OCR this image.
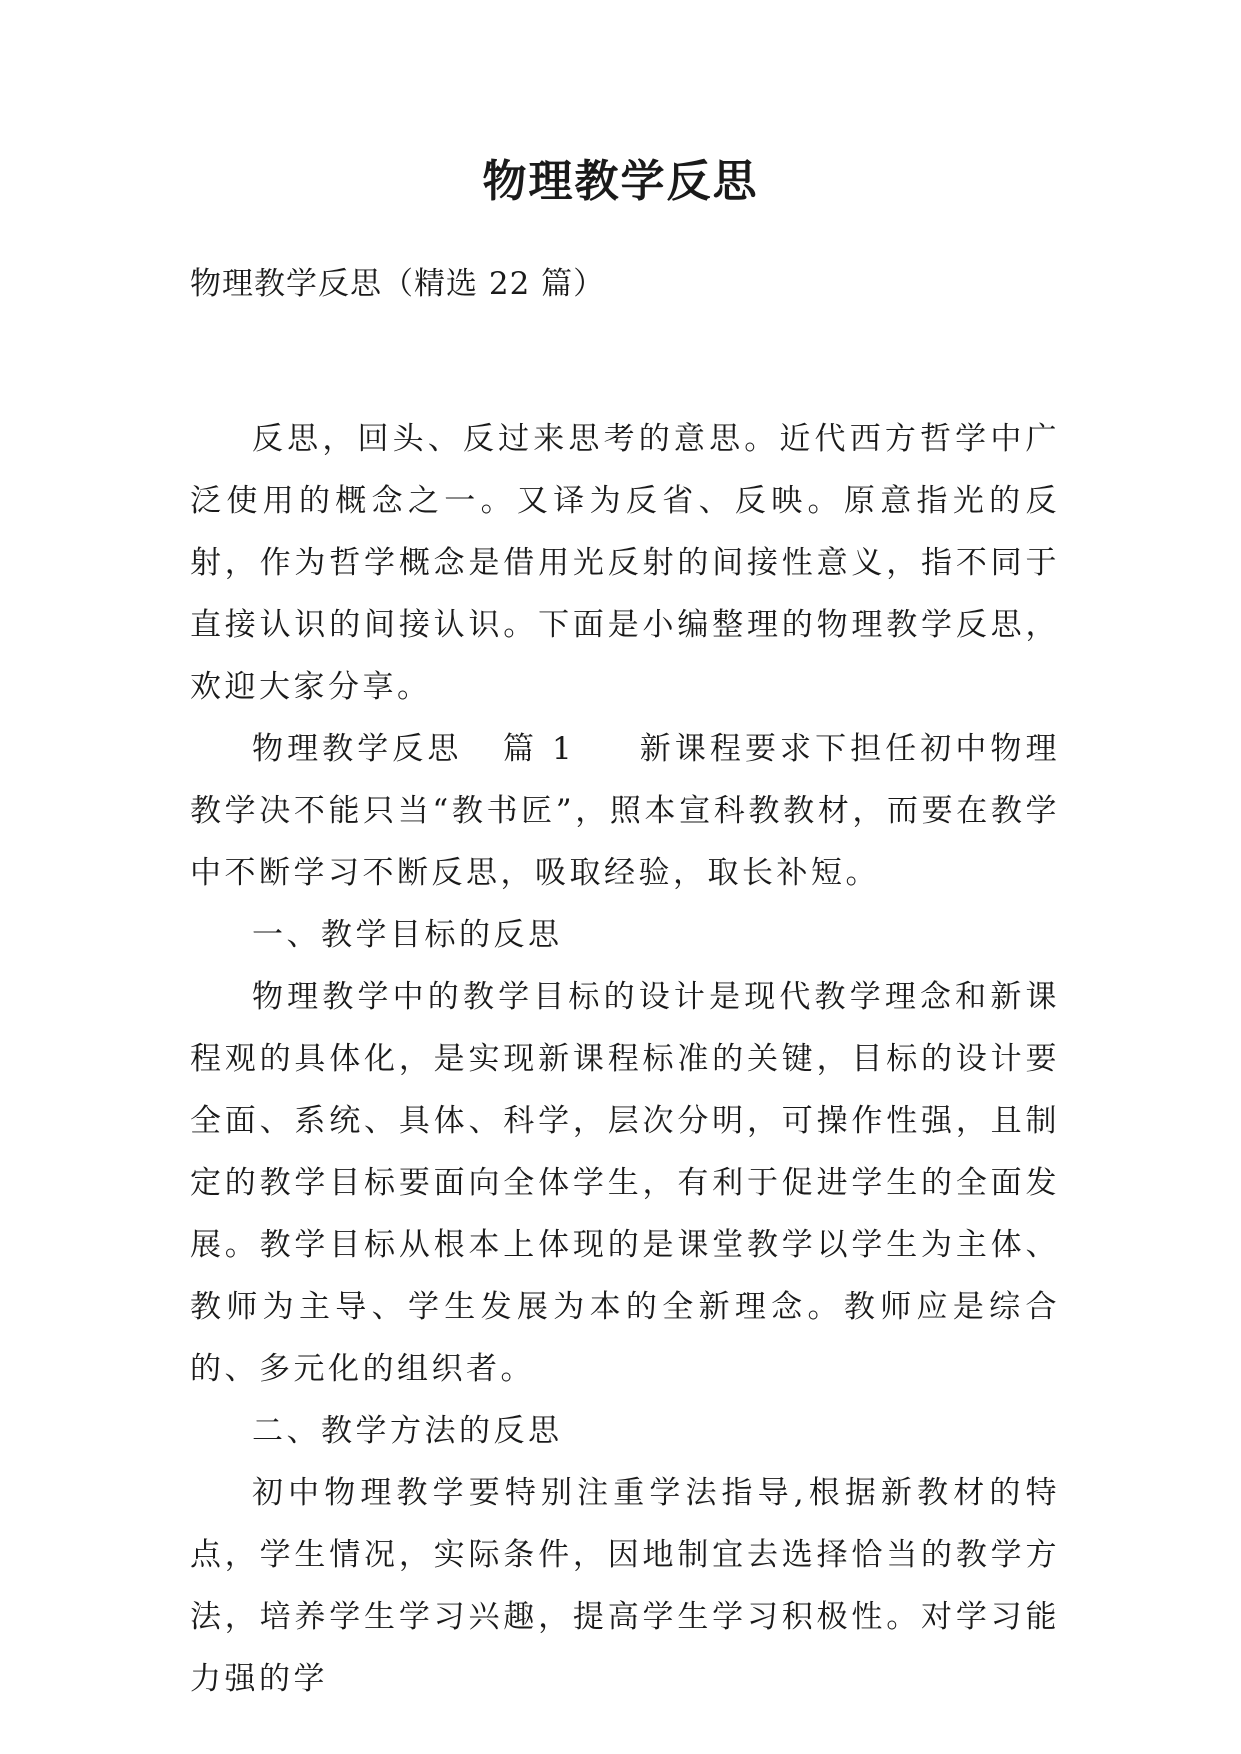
物理教学反思
物理教学反思（精选 22 篇）

反思，回头、反过来思考的意思。近代西方哲学中广泛使用的概念之一。又译为反省、反映。原意指光的反射，作为哲学概念是借用光反射的间接性意义，指不同于直接认识的间接认识。下面是小编整理的物理教学反思，欢迎大家分享。

物理教学反思 篇 1 新课程要求下担任初中物理教学决不能只当“教书匠”，照本宣科教教材，而要在教学中不断学习不断反思，吸取经验，取长补短。

一、教学目标的反思

物理教学中的教学目标的设计是现代教学理念和新课程观的具体化，是实现新课程标准的关键，目标的设计要全面、系统、具体、科学，层次分明，可操作性强，且制定的教学目标要面向全体学生，有利于促进学生的全面发展。教学目标从根本上体现的是课堂教学以学生为主体、教师为主导、学生发展为本的全新理念。教师应是综合的、多元化的组织者。

二、教学方法的反思

初中物理教学要特别注重学法指导,根据新教材的特点，学生情况，实际条件，因地制宜去选择恰当的教学方法，培养学生学习兴趣，提高学生学习积极性。对学习能力强的学
